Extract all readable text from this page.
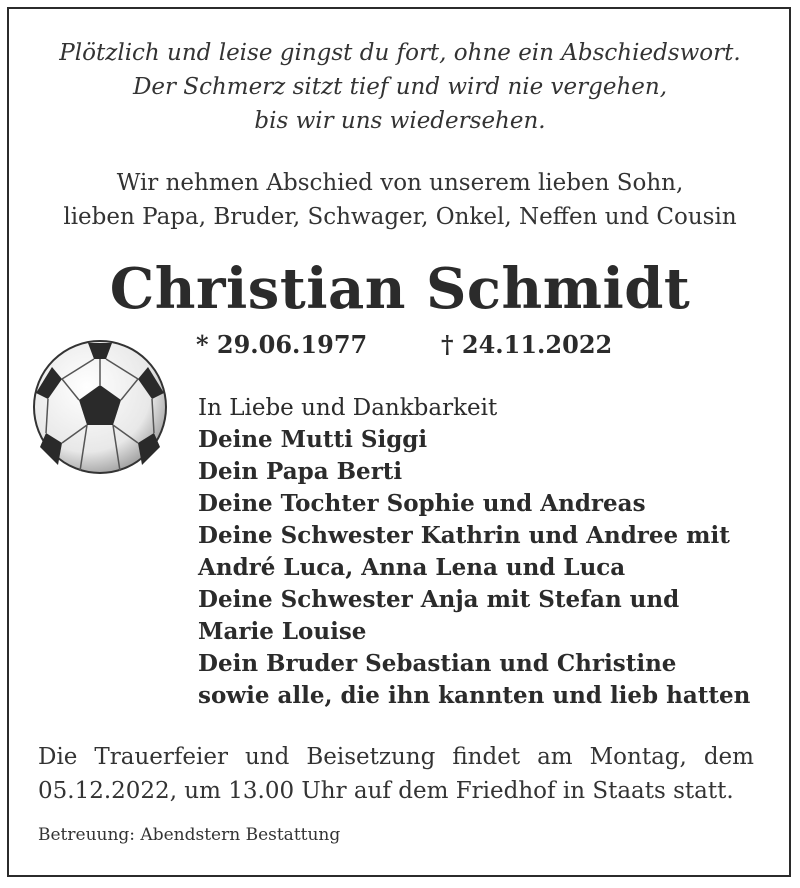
Plötzlich und leise gingst du fort, ohne ein Abschiedswort.
Der Schmerz sitzt tief und wird nie vergehen,
bis wir uns wiedersehen.
Wir nehmen Abschied von unserem lieben Sohn,
lieben Papa, Bruder, Schwager, Onkel, Neffen und Cousin
Christian Schmidt
* 29.06.1977	† 24.11.2022
In Liebe und Dankbarkeit
Deine Mutti Siggi
Dein Papa Berti
Deine Tochter Sophie und Andreas
Deine Schwester Kathrin und Andree mit
André Luca, Anna Lena und Luca
Deine Schwester Anja mit Stefan und
Marie Louise
Dein Bruder Sebastian und Christine
sowie alle, die ihn kannten und lieb hatten
Die Trauerfeier und Beisetzung findet am Montag, dem
05.12.2022, um 13.00 Uhr auf dem Friedhof in Staats statt.
Betreuung: Abendstern Bestattung
